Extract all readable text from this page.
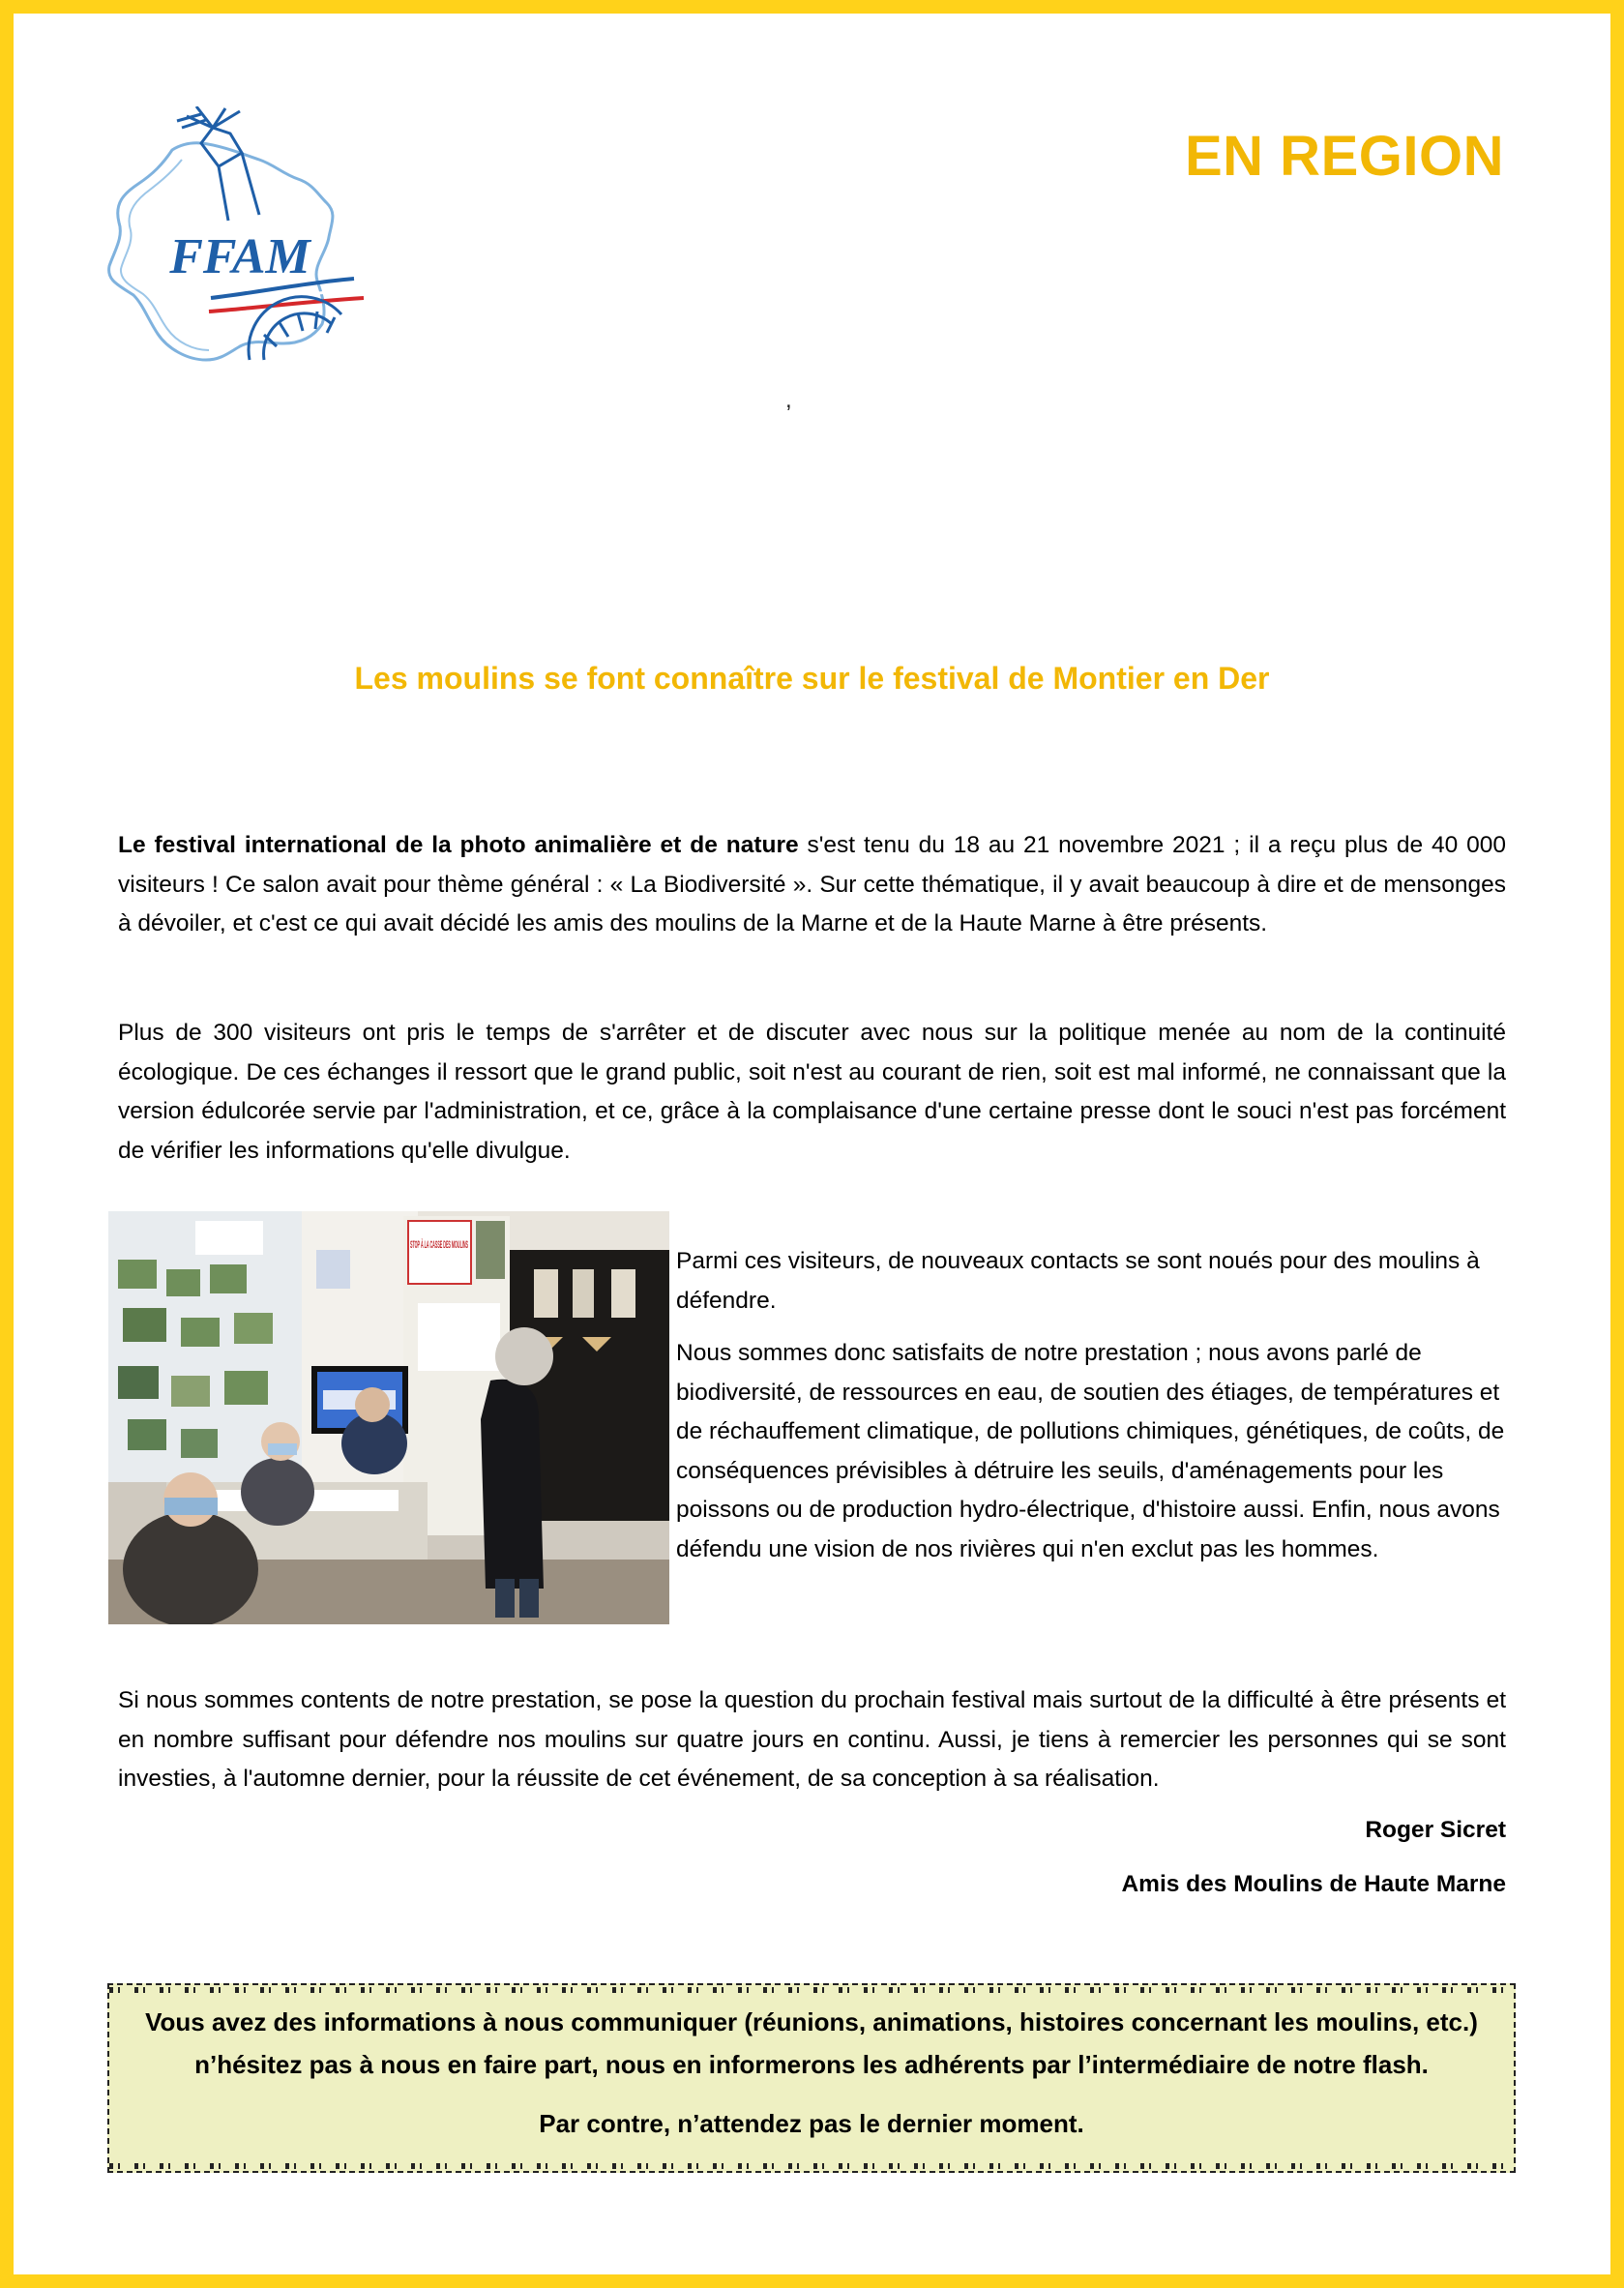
FFAM
EN REGION
,
Les moulins se font connaître sur le festival de Montier en Der

Le festival international de la photo animalière et de nature s'est tenu du 18 au 21 novembre 2021 ; il a reçu plus de 40 000 visiteurs ! Ce salon avait pour thème général : « La Biodiversité ». Sur cette thématique, il y avait beaucoup à dire et de mensonges à dévoiler, et c'est ce qui avait décidé les amis des moulins de la Marne et de la Haute Marne à être présents.

Plus de 300 visiteurs ont pris le temps de s'arrêter et de discuter avec nous sur la politique menée au nom de la continuité écologique. De ces échanges il ressort que le grand public, soit n'est au courant de rien, soit est mal informé, ne connaissant que la version édulcorée servie par l'administration, et ce, grâce à la complaisance d'une certaine presse dont le souci n'est pas forcément de vérifier les informations qu'elle divulgue.

Parmi ces visiteurs, de nouveaux contacts se sont noués pour des moulins à défendre.

Nous sommes donc satisfaits de notre prestation ; nous avons parlé de biodiversité, de ressources en eau, de soutien des étiages, de températures et de réchauffement climatique, de pollutions chimiques, génétiques, de coûts, de conséquences prévisibles à détruire les seuils, d'aménagements pour les poissons ou de production hydro-électrique, d'histoire aussi. Enfin, nous avons défendu une vision de nos rivières qui n'en exclut pas les hommes.

Si nous sommes contents de notre prestation, se pose la question du prochain festival mais surtout de la difficulté à être présents et en nombre suffisant pour défendre nos moulins sur quatre jours en continu. Aussi, je tiens à remercier les personnes qui se sont investies, à l'automne dernier, pour la réussite de cet événement, de sa conception à sa réalisation.

Roger Sicret
Amis des Moulins de Haute Marne
Vous avez des informations à nous communiquer (réunions, animations, histoires concernant les moulins, etc.)
n’hésitez pas à nous en faire part, nous en informerons les adhérents par l’intermédiaire de notre flash.
Par contre, n’attendez pas le dernier moment.
